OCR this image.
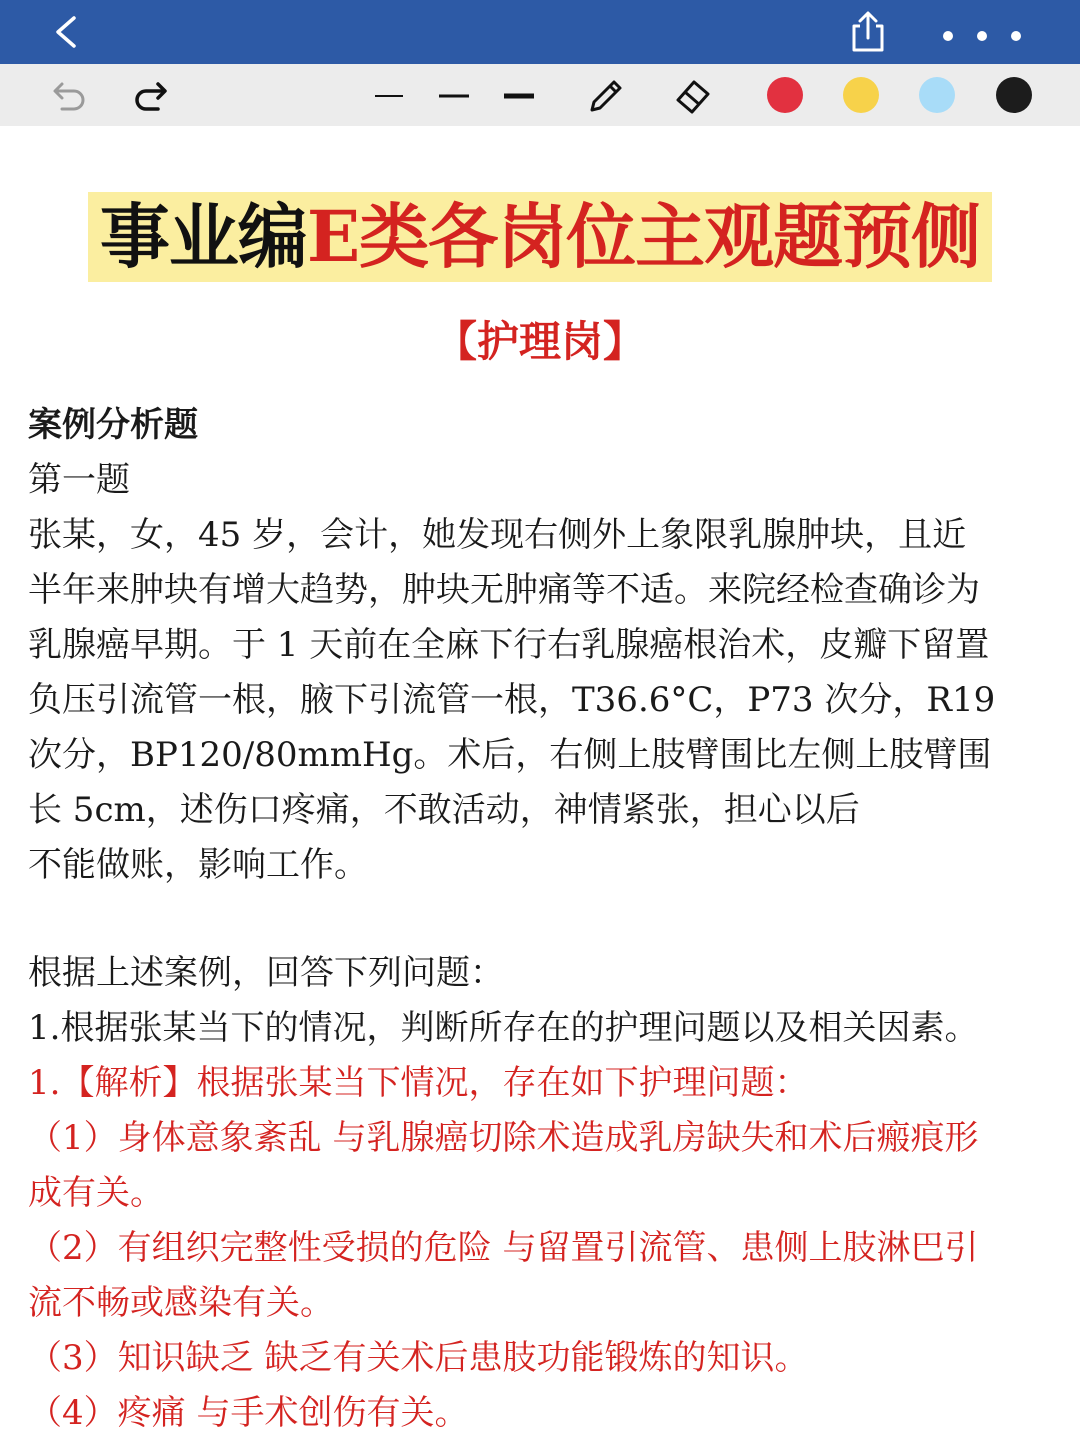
事业编E类各岗位主观题预侧
【护理岗】
案例分析题
第一题
张某，女，45 岁，会计，她发现右侧外上象限乳腺肿块，且近
半年来肿块有增大趋势，肿块无肿痛等不适。来院经检查确诊为
乳腺癌早期。于 1 天前在全麻下行右乳腺癌根治术，皮瓣下留置
负压引流管一根，腋下引流管一根，T36.6°C，P73 次分，R19
次分，BP120/80mmHg。术后，右侧上肢臂围比左侧上肢臂围
长 5cm，述伤口疼痛，不敢活动，神情紧张，担心以后
不能做账，影响工作。
根据上述案例，回答下列问题：
1.根据张某当下的情况，判断所存在的护理问题以及相关因素。
1.【解析】根据张某当下情况，存在如下护理问题：
（1）身体意象紊乱 与乳腺癌切除术造成乳房缺失和术后瘢痕形
成有关。
（2）有组织完整性受损的危险 与留置引流管、患侧上肢淋巴引
流不畅或感染有关。
（3）知识缺乏 缺乏有关术后患肢功能锻炼的知识。
（4）疼痛 与手术创伤有关。
